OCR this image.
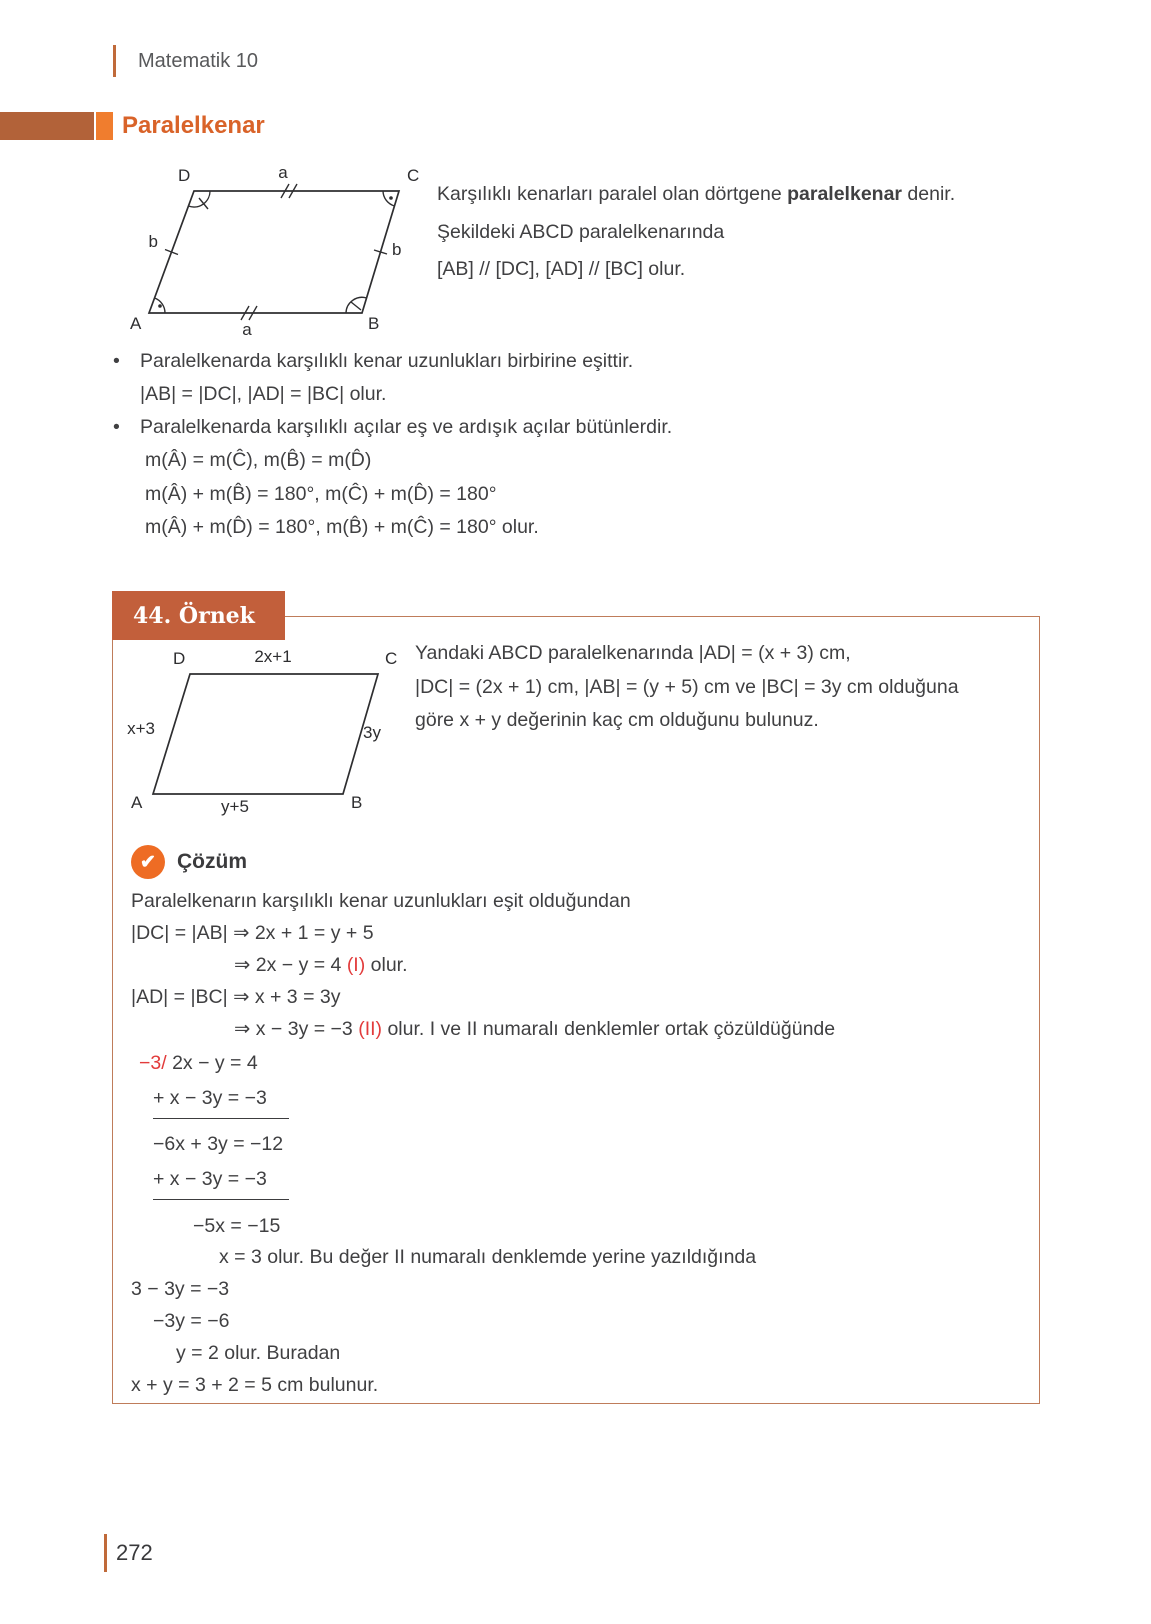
Matematik 10
Paralelkenar
D	C
A	B
a
a
b	b
Karşılıklı kenarları paralel olan dörtgene paralelkenar denir.
Şekildeki ABCD paralelkenarında
[AB] // [DC], [AD] // [BC] olur.
•	Paralelkenarda karşılıklı kenar uzunlukları birbirine eşittir.
|AB| = |DC|, |AD| = |BC| olur.
•	Paralelkenarda karşılıklı açılar eş ve ardışık açılar bütünlerdir.
m(Â) = m(Ĉ), m(B̂) = m(D̂)
m(Â) + m(B̂) = 180°, m(Ĉ) + m(D̂) = 180°
m(Â) + m(D̂) = 180°, m(B̂) + m(Ĉ) = 180° olur.
44. Örnek
D	C
A	B
2x+1
x+3	3y
y+5
Yandaki ABCD paralelkenarında |AD| = (x + 3) cm,
|DC| = (2x + 1) cm, |AB| = (y + 5) cm ve |BC| = 3y cm olduğuna
göre x + y değerinin kaç cm olduğunu bulunuz.
✔	Çözüm
Paralelkenarın karşılıklı kenar uzunlukları eşit olduğundan
|DC| = |AB| ⇒ 2x + 1 = y + 5
⇒ 2x − y = 4 (I) olur.
|AD| = |BC| ⇒ x + 3 = 3y
⇒ x − 3y = −3 (II) olur. I ve II numaralı denklemler ortak çözüldüğünde
−3/ 2x − y = 4
+ x − 3y = −3
−6x + 3y = −12
+ x − 3y = −3
−5x = −15
x = 3 olur. Bu değer II numaralı denklemde yerine yazıldığında
3 − 3y = −3
−3y = −6
y = 2 olur. Buradan
x + y = 3 + 2 = 5 cm bulunur.
272
